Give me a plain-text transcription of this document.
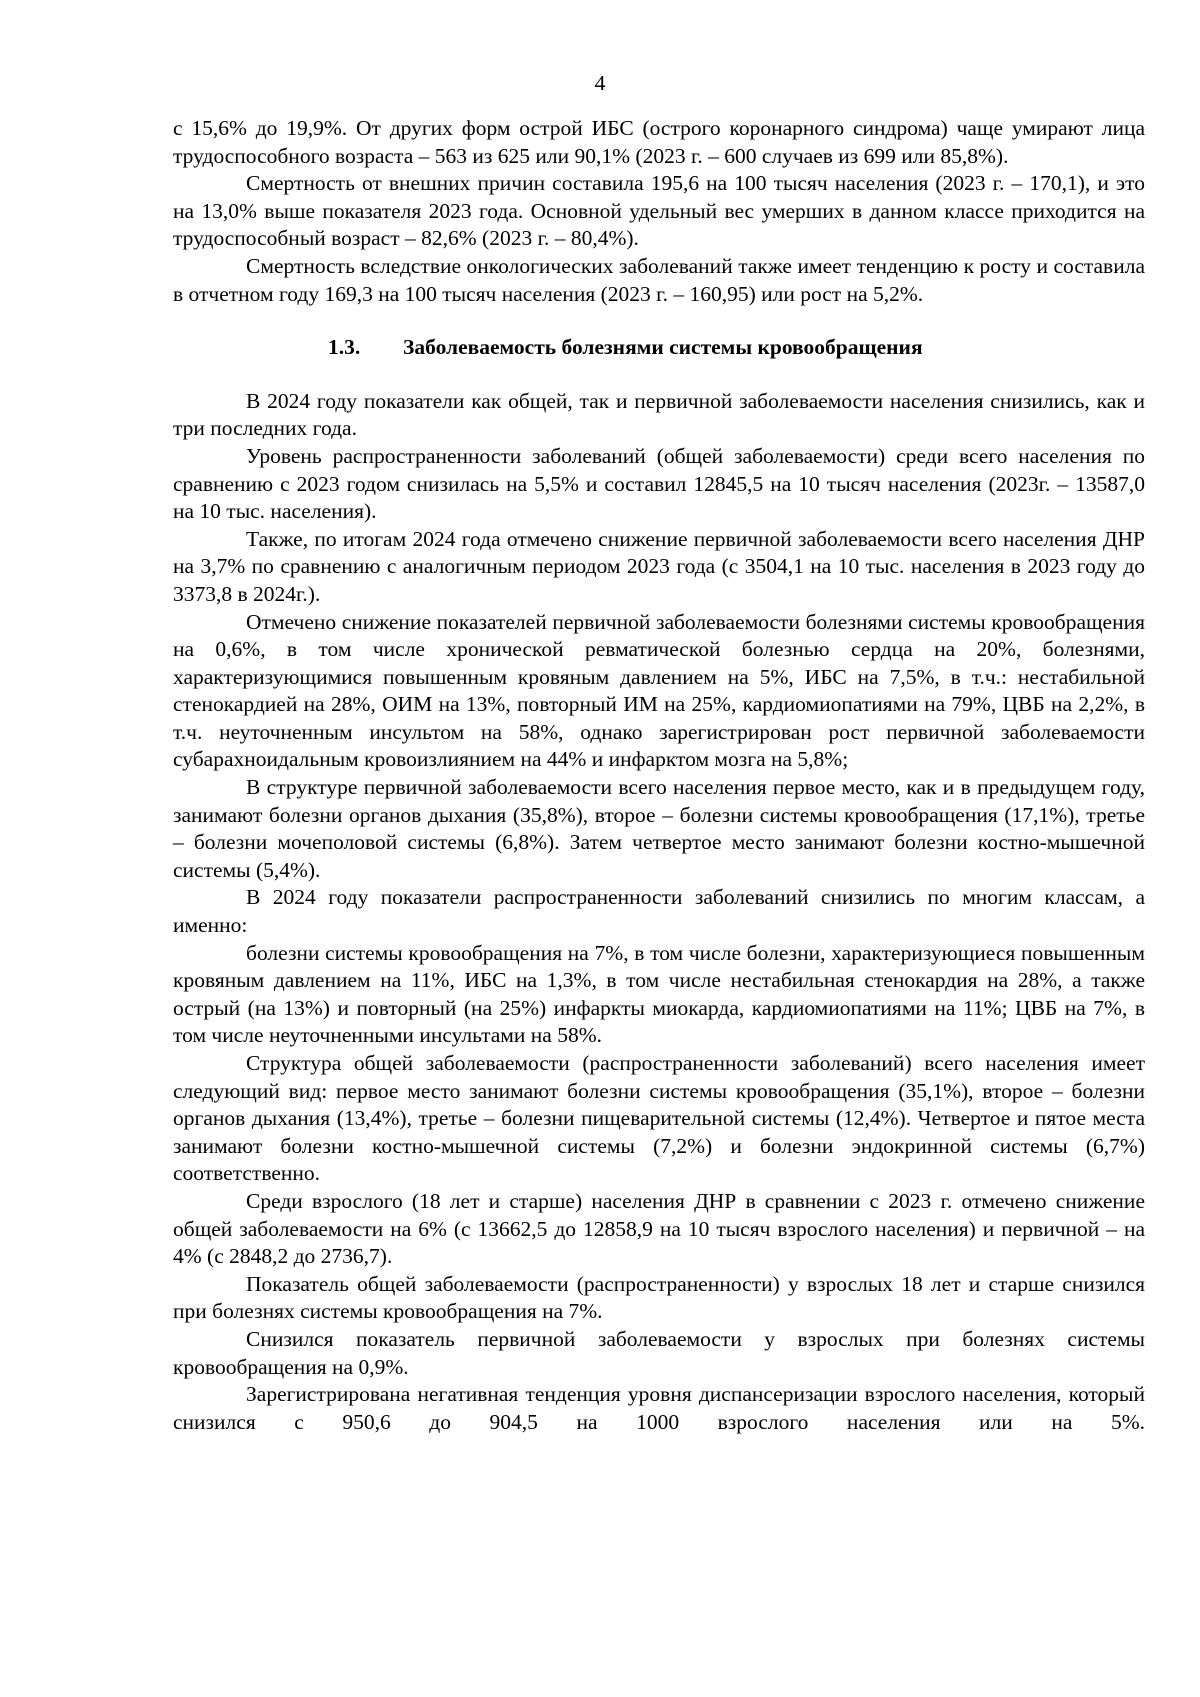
4

с 15,6% до 19,9%. От других форм острой ИБС (острого коронарного синдрома) чаще умирают лица трудоспособного возраста – 563 из 625 или 90,1% (2023 г. – 600 случаев из 699 или 85,8%).

Смертность от внешних причин составила 195,6 на 100 тысяч населения (2023 г. – 170,1), и это на 13,0% выше показателя 2023 года. Основной удельный вес умерших в данном классе приходится на трудоспособный возраст – 82,6% (2023 г. – 80,4%).

Смертность вследствие онкологических заболеваний также имеет тенденцию к росту и составила в отчетном году 169,3 на 100 тысяч населения (2023 г. – 160,95) или рост на 5,2%.

1.3. Заболеваемость болезнями системы кровообращения

В 2024 году показатели как общей, так и первичной заболеваемости населения снизились, как и три последних года.

Уровень распространенности заболеваний (общей заболеваемости) среди всего населения по сравнению с 2023 годом снизилась на 5,5% и составил 12845,5 на 10 тысяч населения (2023г. – 13587,0 на 10 тыс. населения).

Также, по итогам 2024 года отмечено снижение первичной заболеваемости всего населения ДНР на 3,7% по сравнению с аналогичным периодом 2023 года (с 3504,1 на 10 тыс. населения в 2023 году до 3373,8 в 2024г.).

Отмечено снижение показателей первичной заболеваемости болезнями системы кровообращения на 0,6%, в том числе хронической ревматической болезнью сердца на 20%, болезнями, характеризующимися повышенным кровяным давлением на 5%, ИБС на 7,5%, в т.ч.: нестабильной стенокардией на 28%, ОИМ на 13%, повторный ИМ на 25%, кардиомиопатиями на 79%, ЦВБ на 2,2%, в т.ч. неуточненным инсультом на 58%, однако зарегистрирован рост первичной заболеваемости субарахноидальным кровоизлиянием на 44% и инфарктом мозга на 5,8%;

В структуре первичной заболеваемости всего населения первое место, как и в предыдущем году, занимают болезни органов дыхания (35,8%), второе – болезни системы кровообращения (17,1%), третье – болезни мочеполовой системы (6,8%). Затем четвертое место занимают болезни костно-мышечной системы (5,4%).

В 2024 году показатели распространенности заболеваний снизились по многим классам, а именно:

болезни системы кровообращения на 7%, в том числе болезни, характеризующиеся повышенным кровяным давлением на 11%, ИБС на 1,3%, в том числе нестабильная стенокардия на 28%, а также острый (на 13%) и повторный (на 25%) инфаркты миокарда, кардиомиопатиями на 11%; ЦВБ на 7%, в том числе неуточненными инсультами на 58%.

Структура общей заболеваемости (распространенности заболеваний) всего населения имеет следующий вид: первое место занимают болезни системы кровообращения (35,1%), второе – болезни органов дыхания (13,4%), третье – болезни пищеварительной системы (12,4%). Четвертое и пятое места занимают болезни костно-мышечной системы (7,2%) и болезни эндокринной системы (6,7%) соответственно.

Среди взрослого (18 лет и старше) населения ДНР в сравнении с 2023 г. отмечено снижение общей заболеваемости на 6% (с 13662,5 до 12858,9 на 10 тысяч взрослого населения) и первичной – на 4% (с 2848,2 до 2736,7).

Показатель общей заболеваемости (распространенности) у взрослых 18 лет и старше снизился при болезнях системы кровообращения на 7%.

Снизился показатель первичной заболеваемости у взрослых при болезнях системы кровообращения на 0,9%.

Зарегистрирована негативная тенденция уровня диспансеризации взрослого населения, который снизился с 950,6 до 904,5 на 1000 взрослого населения или на 5%.
